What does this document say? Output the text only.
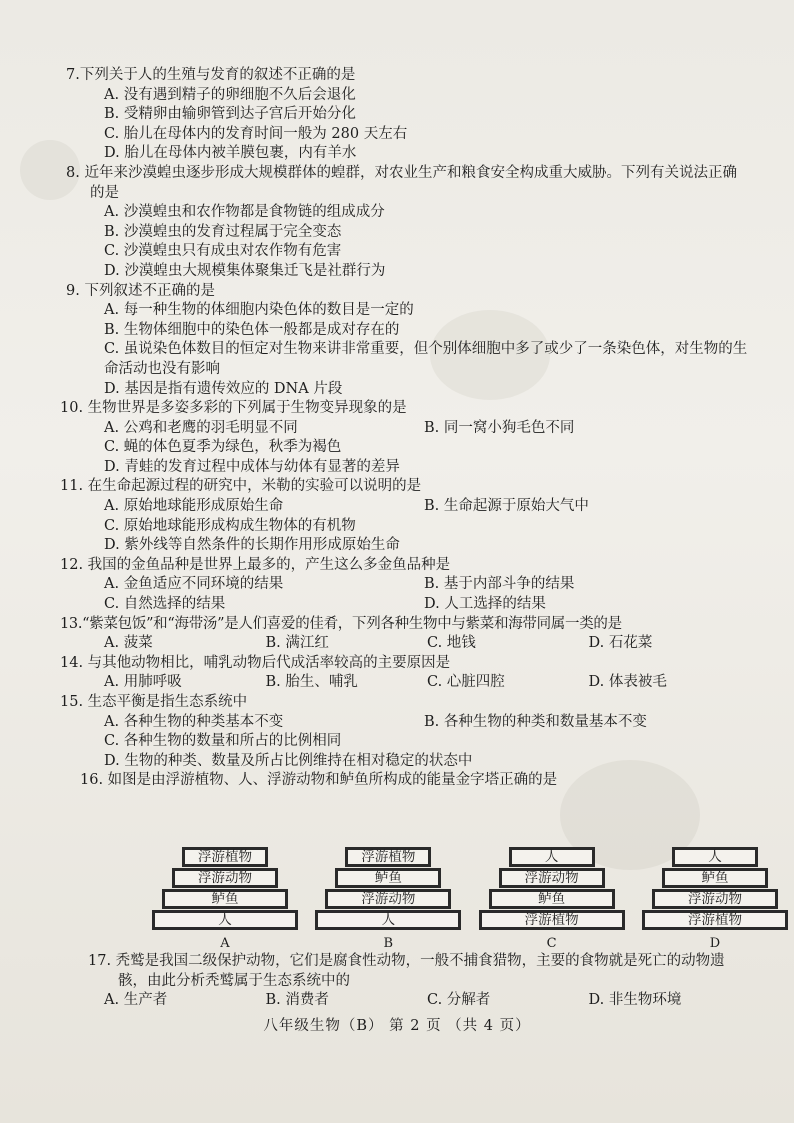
7.下列关于人的生殖与发育的叙述不正确的是

A. 没有遇到精子的卵细胞不久后会退化

B. 受精卵由输卵管到达子宫后开始分化

C. 胎儿在母体内的发育时间一般为 280 天左右

D. 胎儿在母体内被羊膜包裹，内有羊水

8. 近年来沙漠蝗虫逐步形成大规模群体的蝗群，对农业生产和粮食安全构成重大威胁。下列有关说法正确的是

A. 沙漠蝗虫和农作物都是食物链的组成成分

B. 沙漠蝗虫的发育过程属于完全变态

C. 沙漠蝗虫只有成虫对农作物有危害

D. 沙漠蝗虫大规模集体聚集迁飞是社群行为

9. 下列叙述不正确的是

A. 每一种生物的体细胞内染色体的数目是一定的

B. 生物体细胞中的染色体一般都是成对存在的

C. 虽说染色体数目的恒定对生物来讲非常重要，但个别体细胞中多了或少了一条染色体，对生物的生命活动也没有影响

D. 基因是指有遗传效应的 DNA 片段

10. 生物世界是多姿多彩的下列属于生物变异现象的是

A. 公鸡和老鹰的羽毛明显不同	B. 同一窝小狗毛色不同

C. 蝇的体色夏季为绿色，秋季为褐色

D. 青蛙的发育过程中成体与幼体有显著的差异

11. 在生命起源过程的研究中，米勒的实验可以说明的是

A. 原始地球能形成原始生命	B. 生命起源于原始大气中

C. 原始地球能形成构成生物体的有机物

D. 紫外线等自然条件的长期作用形成原始生命

12. 我国的金鱼品种是世界上最多的，产生这么多金鱼品种是

A. 金鱼适应不同环境的结果	B. 基于内部斗争的结果
C. 自然选择的结果	D. 人工选择的结果

13.“紫菜包饭”和“海带汤”是人们喜爱的佳肴，下列各种生物中与紫菜和海带同属一类的是

A. 菠菜	B. 满江红	C. 地钱	D. 石花菜

14. 与其他动物相比，哺乳动物后代成活率较高的主要原因是

A. 用肺呼吸	B. 胎生、哺乳	C. 心脏四腔	D. 体表被毛

15. 生态平衡是指生态系统中

A. 各种生物的种类基本不变	B. 各种生物的种类和数量基本不变

C. 各种生物的数量和所占的比例相同

D. 生物的种类、数量及所占比例维持在相对稳定的状态中

16. 如图是由浮游植物、人、浮游动物和鲈鱼所构成的能量金字塔正确的是

浮游植物
浮游动物
鲈鱼
人
A
浮游植物
鲈鱼
浮游动物
人
B
人
浮游动物
鲈鱼
浮游植物
C
人
鲈鱼
浮游动物
浮游植物
D

17. 秃鹫是我国二级保护动物，它们是腐食性动物，一般不捕食猎物，主要的食物就是死亡的动物遗骸，由此分析秃鹫属于生态系统中的

A. 生产者	B. 消费者	C. 分解者	D. 非生物环境
八年级生物（B） 第 2 页 （共 4 页）
